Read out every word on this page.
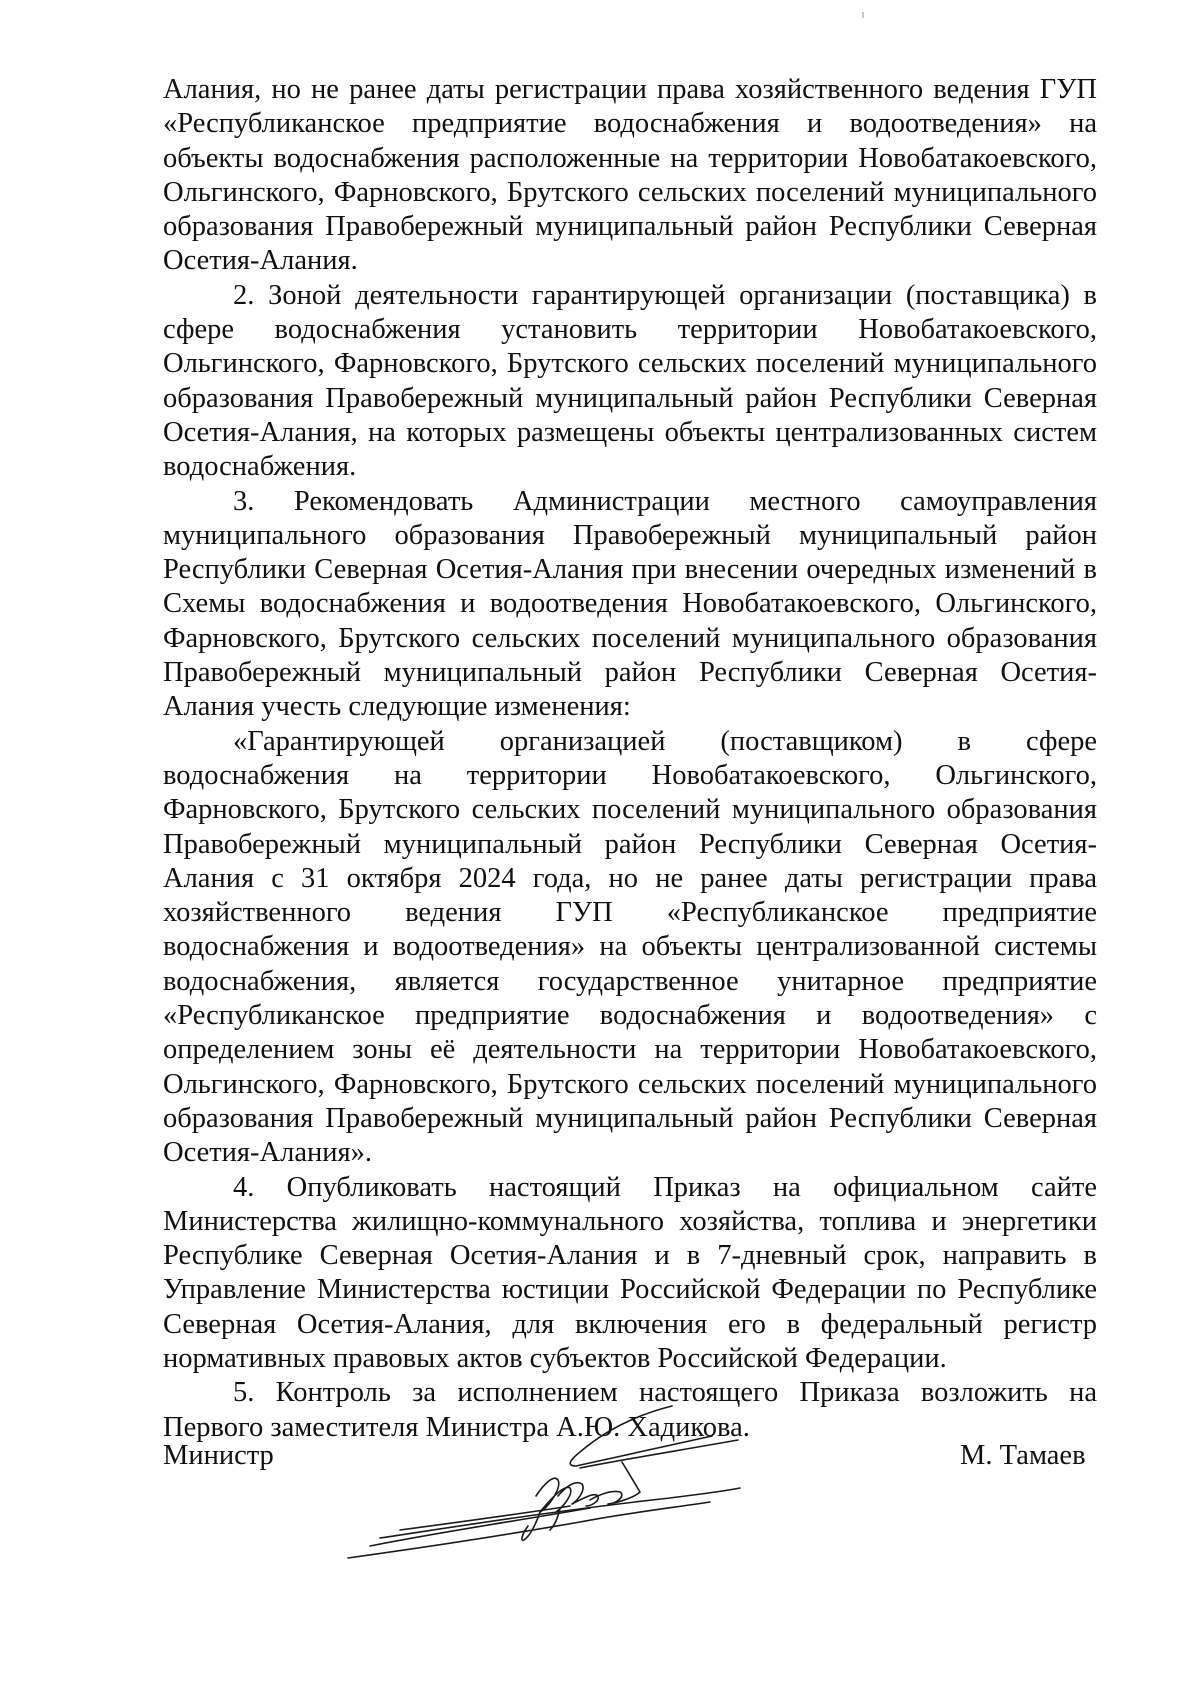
Алания, но не ранее даты регистрации права хозяйственного ведения ГУП «Республиканское предприятие водоснабжения и водоотведения» на объекты водоснабжения расположенные на территории Новобатакоевского, Ольгинского, Фарновского, Брутского сельских поселений муниципального образования Правобережный муниципальный район Республики Северная Осетия-Алания.

2. Зоной деятельности гарантирующей организации (поставщика) в сфере водоснабжения установить территории Новобатакоевского, Ольгинского, Фарновского, Брутского сельских поселений муниципального образования Правобережный муниципальный район Республики Северная Осетия-Алания, на которых размещены объекты централизованных систем водоснабжения.

3. Рекомендовать Администрации местного самоуправления муниципального образования Правобережный муниципальный район Республики Северная Осетия-Алания при внесении очередных изменений в Схемы водоснабжения и водоотведения Новобатакоевского, Ольгинского, Фарновского, Брутского сельских поселений муниципального образования Правобережный муниципальный район Республики Северная Осетия-Алания учесть следующие изменения:

«Гарантирующей организацией (поставщиком) в сфере водоснабжения на территории Новобатакоевского, Ольгинского, Фарновского, Брутского сельских поселений муниципального образования Правобережный муниципальный район Республики Северная Осетия-Алания с 31 октября 2024 года, но не ранее даты регистрации права хозяйственного ведения ГУП «Республиканское предприятие водоснабжения и водоотведения» на объекты централизованной системы водоснабжения, является государственное унитарное предприятие «Республиканское предприятие водоснабжения и водоотведения» с определением зоны её деятельности на территории Новобатакоевского, Ольгинского, Фарновского, Брутского сельских поселений муниципального образования Правобережный муниципальный район Республики Северная Осетия-Алания».

4. Опубликовать настоящий Приказ на официальном сайте Министерства жилищно-коммунального хозяйства, топлива и энергетики Республике Северная Осетия-Алания и в 7-дневный срок, направить в Управление Министерства юстиции Российской Федерации по Республике Северная Осетия-Алания, для включения его в федеральный регистр нормативных правовых актов субъектов Российской Федерации.

5. Контроль за исполнением настоящего Приказа возложить на Первого заместителя Министра А.Ю. Хадикова.

Министр	М. Тамаев
